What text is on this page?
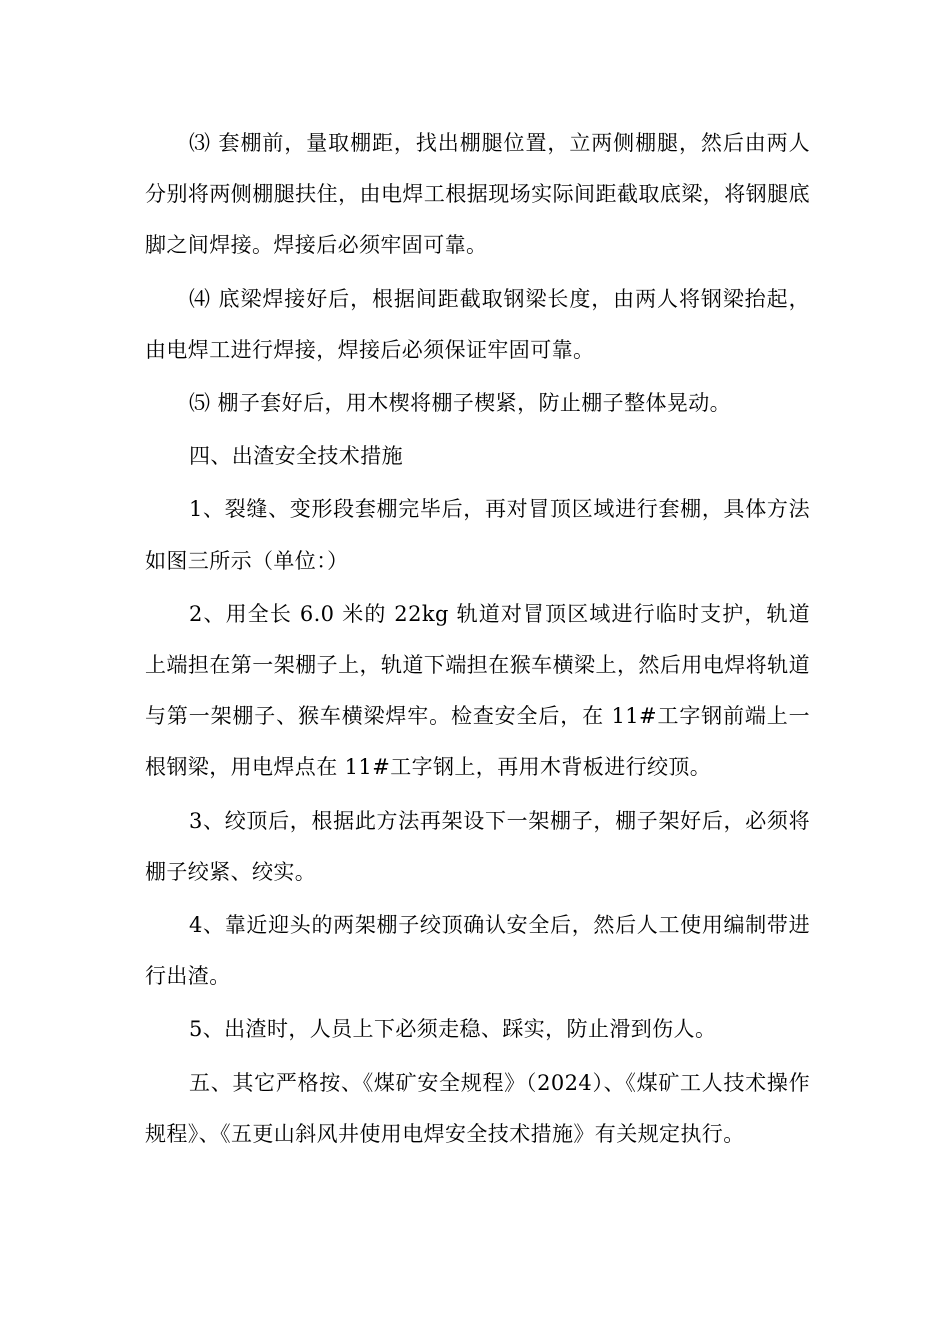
⑶ 套棚前，量取棚距，找出棚腿位置，立两侧棚腿，然后由两人分别将两侧棚腿扶住，由电焊工根据现场实际间距截取底梁，将钢腿底脚之间焊接。焊接后必须牢固可靠。

⑷ 底梁焊接好后，根据间距截取钢梁长度，由两人将钢梁抬起，由电焊工进行焊接，焊接后必须保证牢固可靠。

⑸ 棚子套好后，用木楔将棚子楔紧，防止棚子整体晃动。

四、出渣安全技术措施

1、裂缝、变形段套棚完毕后，再对冒顶区域进行套棚，具体方法如图三所示（单位：）

2、用全长 6.0 米的 22kg 轨道对冒顶区域进行临时支护，轨道上端担在第一架棚子上，轨道下端担在猴车横梁上，然后用电焊将轨道与第一架棚子、猴车横梁焊牢。检查安全后，在 11#工字钢前端上一根钢梁，用电焊点在 11#工字钢上，再用木背板进行绞顶。

3、绞顶后，根据此方法再架设下一架棚子，棚子架好后，必须将棚子绞紧、绞实。

4、靠近迎头的两架棚子绞顶确认安全后，然后人工使用编制带进行出渣。

5、出渣时，人员上下必须走稳、踩实，防止滑到伤人。

五、其它严格按、《煤矿安全规程》（2024）、《煤矿工人技术操作规程》、《五更山斜风井使用电焊安全技术措施》有关规定执行。
